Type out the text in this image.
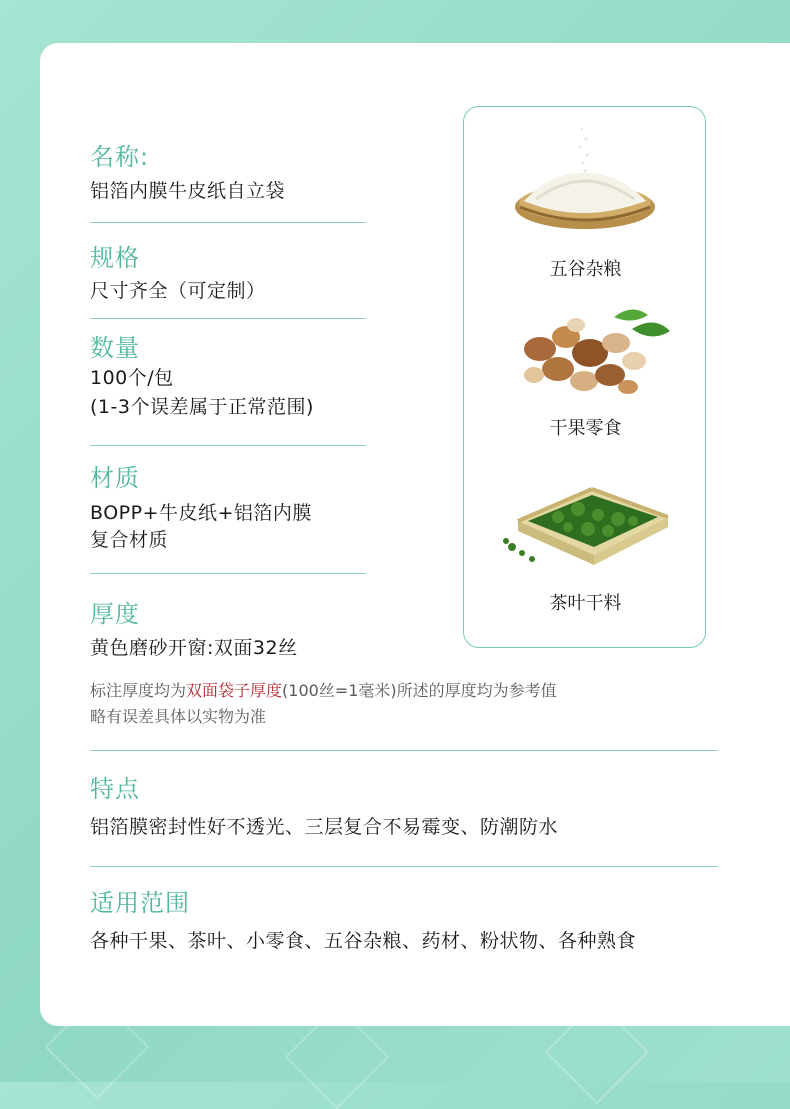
名称:
铝箔内膜牛皮纸自立袋
规格
尺寸齐全（可定制）
数量
100个/包
(1-3个误差属于正常范围)
材质
BOPP+牛皮纸+铝箔内膜
复合材质
厚度
黄色磨砂开窗:双面32丝
标注厚度均为双面袋子厚度(100丝=1毫米)所述的厚度均为参考值
略有误差具体以实物为准
特点
铝箔膜密封性好不透光、三层复合不易霉变、防潮防水
适用范围
各种干果、茶叶、小零食、五谷杂粮、药材、粉状物、各种熟食
五谷杂粮
干果零食
茶叶干料
